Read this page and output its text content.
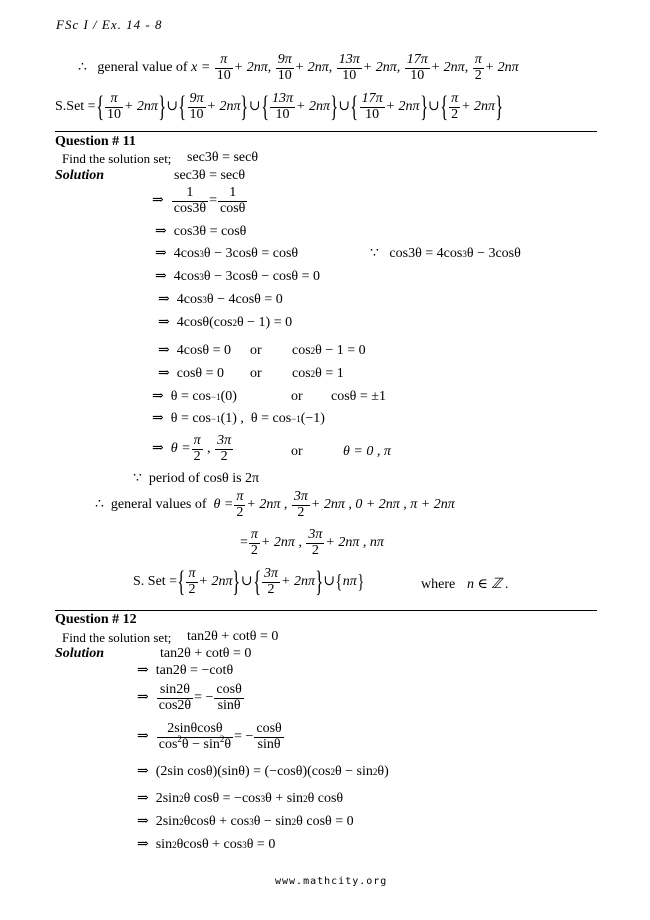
FSc I / Ex. 14 - 8
∴
general value of
x =
$\frac{\pi}{10} + 2n\pi$,
$\frac{9\pi}{10} + 2n\pi$,
$\frac{13\pi}{10} + 2n\pi$,
$\frac{17\pi}{10} + 2n\pi$,
$\frac{\pi}{2} + 2n\pi$
S.Set = { $\frac{\pi}{10} + 2n\pi$ } ∪ { $\frac{9\pi}{10} + 2n\pi$ } ∪ { $\frac{13\pi}{10} + 2n\pi$ } ∪ { $\frac{17\pi}{10} + 2n\pi$ } ∪ { $\frac{\pi}{2} + 2n\pi$ }
Question # 11
Find the solution set; sec3θ = secθ
Solution	sec3θ = secθ
⇒
$\frac{1}{\cos 3\theta} = \frac{1}{\cos\theta}$
⇒
cos3θ = cosθ
⇒
4cos 3 θ − 3cosθ = cosθ	∵
cos3θ = 4cos 3 θ − 3cosθ
⇒
4cos 3 θ − 3cosθ − cosθ = 0
⇒
4cos 3 θ − 4cosθ = 0
⇒
4cosθ(cos 2 θ − 1) = 0
⇒
4cosθ = 0 or cos 2 θ − 1 = 0
⇒
cosθ = 0 or cos 2 θ = 1
⇒
θ = cos −1 (0)	or cosθ = ±1
⇒
θ = cos −1 (1) ,
θ = cos −1 (−1)
⇒
$\theta = \frac{\pi}{2}$
,
$\frac{3\pi}{2}$	or	θ = 0 , π
∵
period of cosθ is 2π
∴
general values of
$\theta = \frac{\pi}{2} + 2n\pi$ ,
$\frac{3\pi}{2} + 2n\pi$ , 0 + 2nπ , π + 2nπ
= $\frac{\pi}{2} + 2n\pi$ ,
$\frac{3\pi}{2} + 2n\pi$ , nπ
S. Set = { $\frac{\pi}{2} + 2n\pi$ } ∪ { $\frac{3\pi}{2} + 2n\pi$ } ∪ { nπ }	where n ∈ ℤ .
Question # 12
Find the solution set; tan2θ + cotθ = 0
Solution	tan2θ + cotθ = 0
⇒
tan2θ = −cotθ
⇒
$\frac{\sin 2\theta}{\cos 2\theta}$ = − $\frac{\cos\theta}{\sin\theta}$
⇒
$\frac{2\sin\theta\cos\theta}{\cos^2\theta - \sin^2\theta}$ = − $\frac{\cos\theta}{\sin\theta}$
⇒
(2sin cosθ)(sinθ) = (−cosθ)(cos 2 θ − sin 2 θ)
⇒
2sin 2 θ cosθ = −cos 3 θ + sin 2 θ cosθ
⇒
2sin 2 θcosθ + cos 3 θ − sin 2 θ cosθ = 0
⇒
sin 2 θcosθ + cos 3 θ = 0
www.mathcity.org
